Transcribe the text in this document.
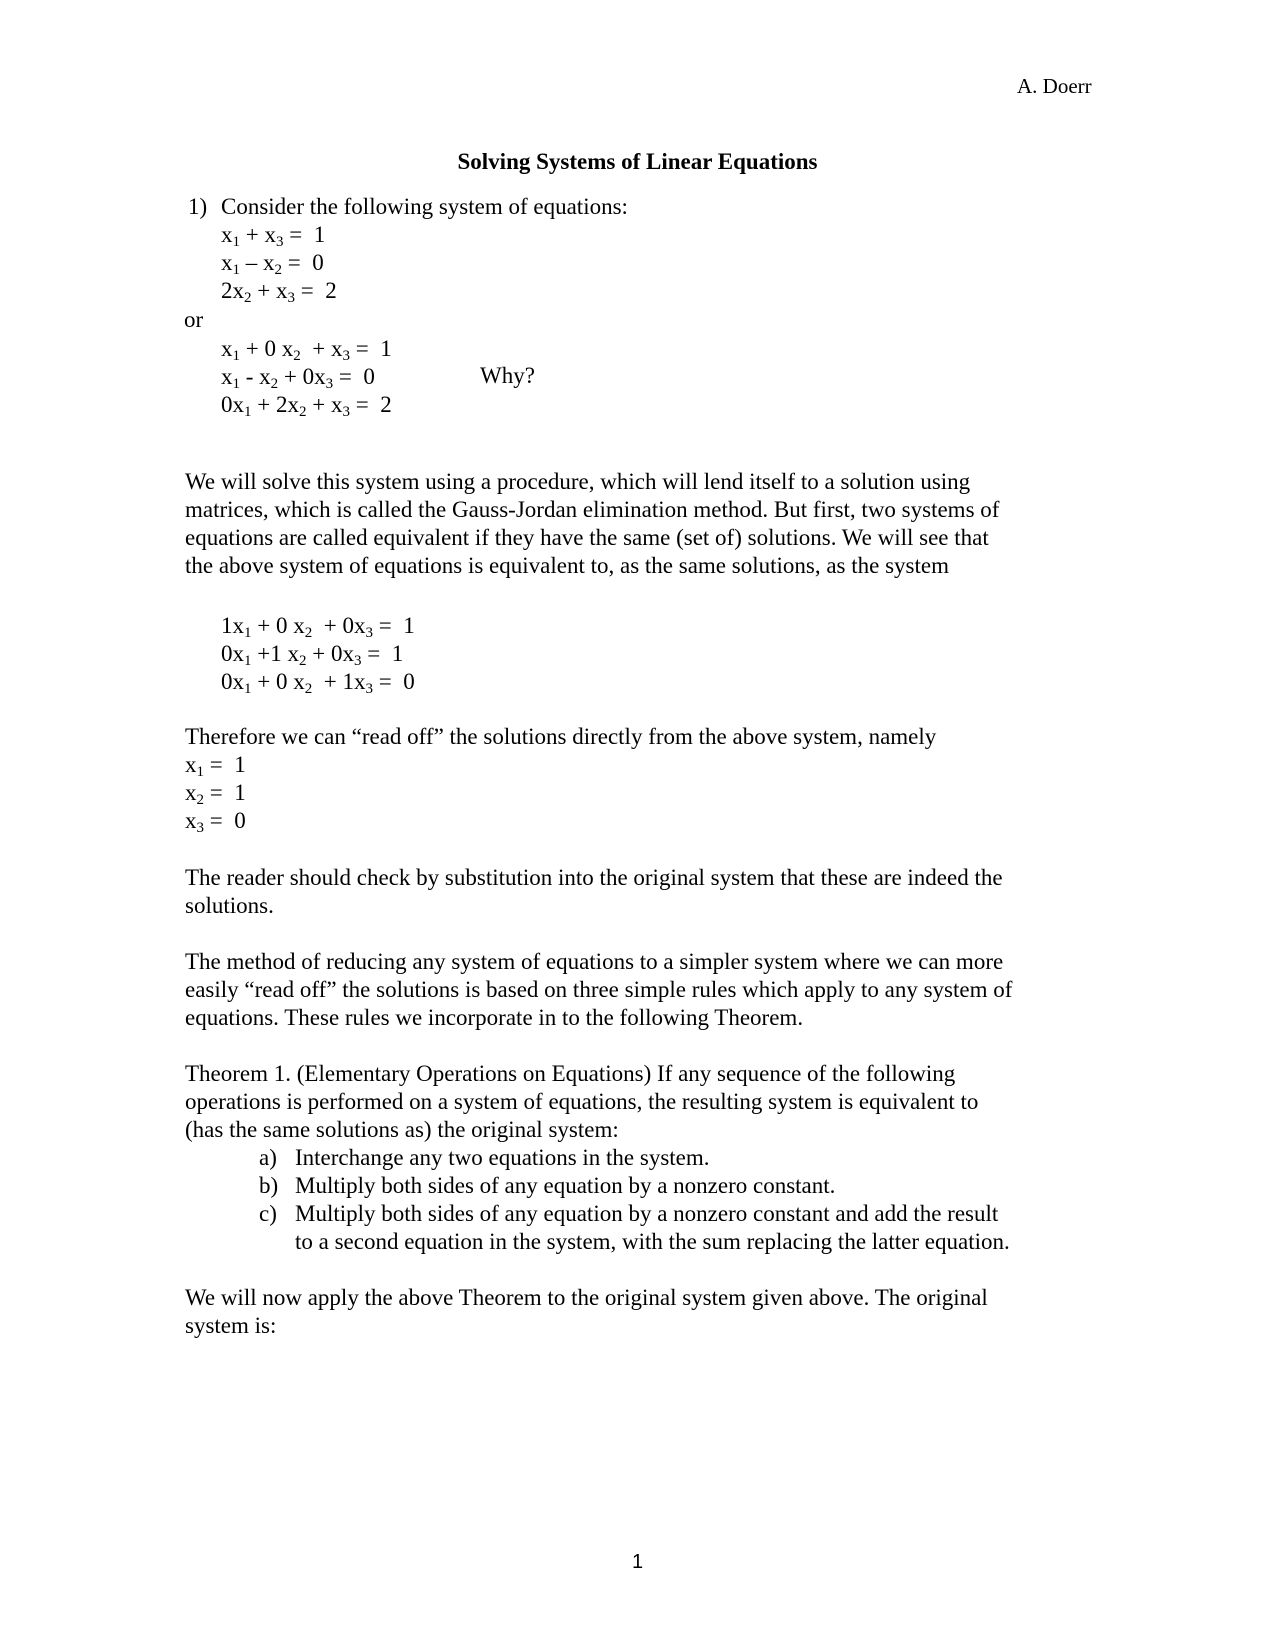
A. Doerr
Solving Systems of Linear Equations
1) Consider the following system of equations:
$x_1 + x_3 = 1$
$x_1 - x_2 = 0$
$2x_2 + x_3 = 2$
or
$x_1 + 0$ $x_2 + x_3 = 1$
$x_1 - x_2 + 0x_3 = 0$
$0x_1 + 2x_2 + x_3 = 2$
Why?
We will solve this system using a procedure, which will lend itself to a solution using
matrices, which is called the Gauss-Jordan elimination method. But first, two systems of
equations are called equivalent if they have the same (set of) solutions. We will see that
the above system of equations is equivalent to, as the same solutions, as the system
$1x_1 + 0$ $x_2 + 0x_3 = 1$
$0x_1 +1$ $x_2 + 0x_3 = 1$
$0x_1 + 0$ $x_2 + 1x_3 = 0$
Therefore we can “read off” the solutions directly from the above system, namely
$x_1 = 1$
$x_2 = 1$
$x_3 = 0$
The reader should check by substitution into the original system that these are indeed the
solutions.
The method of reducing any system of equations to a simpler system where we can more
easily “read off” the solutions is based on three simple rules which apply to any system of
equations. These rules we incorporate in to the following Theorem.
Theorem 1. (Elementary Operations on Equations) If any sequence of the following
operations is performed on a system of equations, the resulting system is equivalent to
(has the same solutions as) the original system:
a) Interchange any two equations in the system.
b) Multiply both sides of any equation by a nonzero constant.
c) Multiply both sides of any equation by a nonzero constant and add the result
to a second equation in the system, with the sum replacing the latter equation.
We will now apply the above Theorem to the original system given above. The original
system is:
1
